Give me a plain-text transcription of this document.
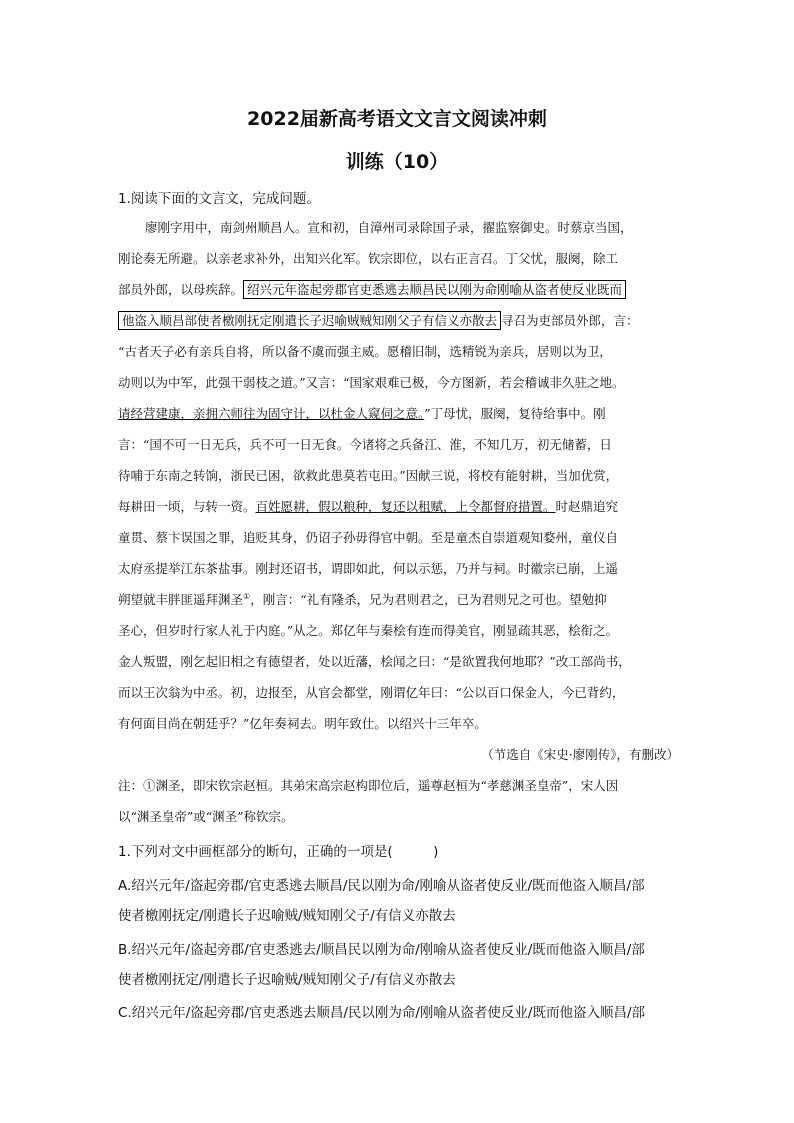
2022届新高考语文文言文阅读冲刺
训练（10）

1.阅读下面的文言文，完成问题。

廖刚字用中，南剑州顺昌人。宣和初，自漳州司录除国子录，擢监察御史。时蔡京当国，

刚论奏无所避。以亲老求补外，出知兴化军。钦宗即位，以右正言召。丁父忧，服阕，除工

部员外郎，以母疾辞。 绍兴元年盗起旁郡官吏悉逃去顺昌民以刚为命刚喻从盗者使反业既而

他盗入顺昌部使者檄刚抚定刚遣长子迟喻贼贼知刚父子有信义亦散去 寻召为吏部员外郎，言：

“古者天子必有亲兵自将，所以备不虞而强主威。愿稽旧制，选精锐为亲兵，居则以为卫，

动则以为中军，此强干弱枝之道。”又言：“国家艰难已极，今方图新，若会稽诚非久驻之地。

请经营建康，亲拥六师往为固守计，以杜金人窥伺之意。”丁母忧，服阕，复待给事中。刚

言：“国不可一日无兵，兵不可一日无食。今诸将之兵备江、淮，不知几万，初无储蓄，日

待哺于东南之转饷，浙民已困，欲救此患莫若屯田。”因献三说，将校有能射耕，当加优赏，

每耕田一顷，与转一资。百姓愿耕，假以粮种，复还以租赋，上令都督府措置。时赵鼎追究

童贯、蔡卞误国之罪，追贬其身，仍诏子孙毋得官中朝。至是童杰自崇道观知婺州，童仪自

太府丞提举江东茶盐事。刚封还诏书，谓即如此，何以示惩，乃并与祠。时徽宗已崩，上遥

朔望就丰胖匪遥拜渊圣①，刚言：“礼有隆杀，兄为君则君之，已为君则兄之可也。望勉抑

圣心，但岁时行家人礼于内庭。”从之。郑亿年与秦桧有连而得美官，刚显疏其恶，桧衔之。

金人叛盟，刚乞起旧相之有德望者，处以近藩，桧闻之曰：“是欲置我何地耶？”改工部尚书，

而以王次翁为中丞。初，边报至，从官会都堂，刚谓亿年曰：“公以百口保金人，今已背约，

有何面目尚在朝廷乎？”亿年奏祠去。明年致仕。以绍兴十三年卒。

（节选自《宋史·廖刚传》，有删改）

注：①渊圣，即宋钦宗赵桓。其弟宋高宗赵构即位后，遥尊赵桓为“孝慈渊圣皇帝”，宋人因

以“渊圣皇帝”或“渊圣”称钦宗。

1.下列对文中画框部分的断句，正确的一项是(　　　)

A.绍兴元年/盗起旁郡/官吏悉逃去顺昌/民以刚为命/刚喻从盗者使反业/既而他盗入顺昌/部

使者檄刚抚定/刚遣长子迟喻贼/贼知刚父子/有信义亦散去

B.绍兴元年/盗起旁郡/官吏悉逃去/顺昌民以刚为命/刚喻从盗者使反业/既而他盗入顺昌/部

使者檄刚抚定/刚遣长子迟喻贼/贼知刚父子/有信义亦散去

C.绍兴元年/盗起旁郡/官吏悉逃去顺昌/民以刚为命/刚喻从盗者使反业/既而他盗入顺昌/部
